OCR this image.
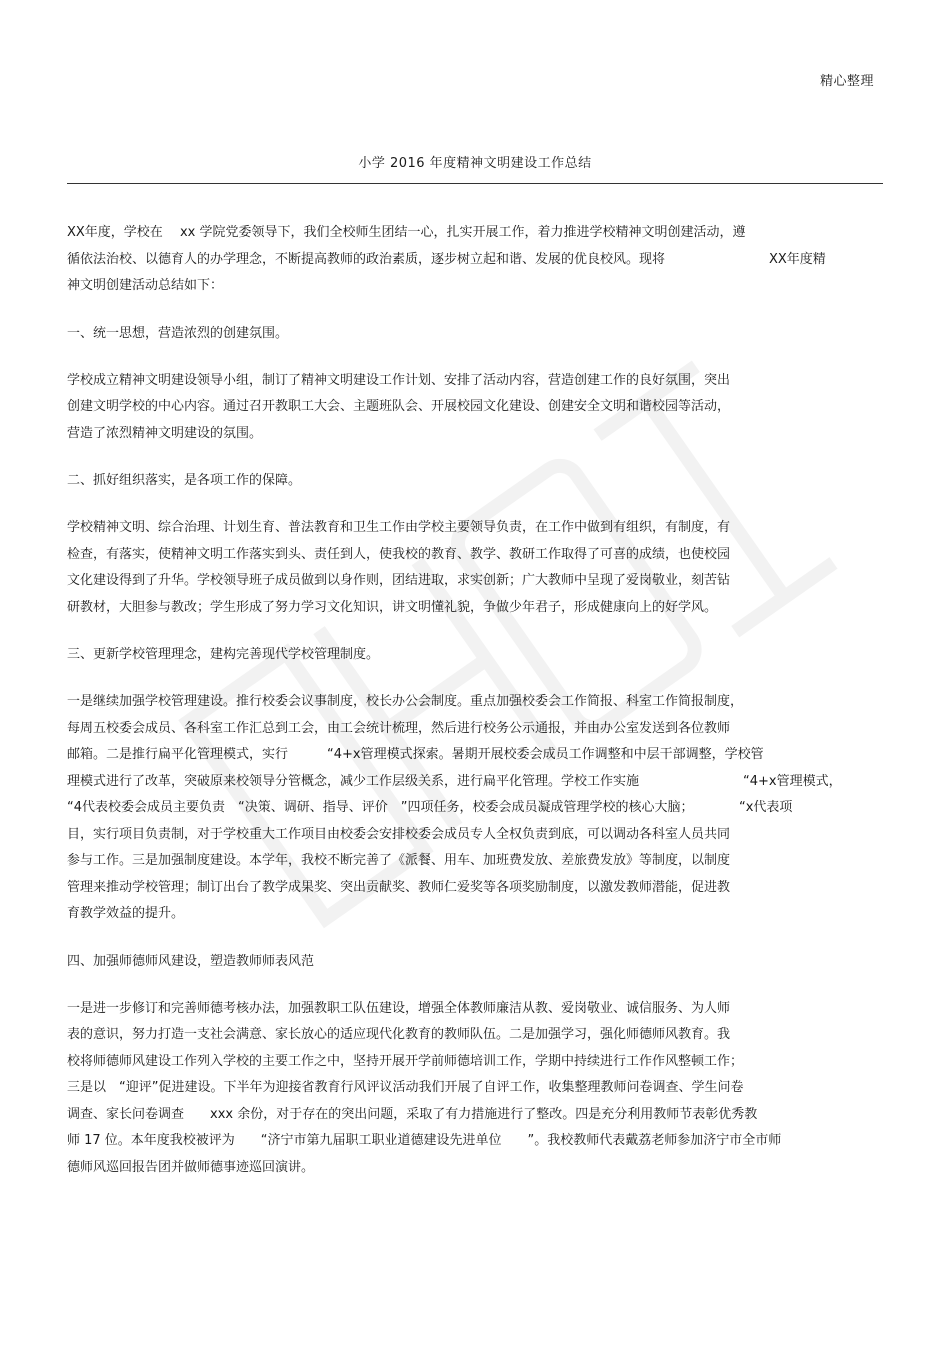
精心整理
小学 2016 年度精神文明建设工作总结
XX年度，学校在　 xx 学院党委领导下，我们全校师生团结一心，扎实开展工作，着力推进学校精神文明创建活动，遵
循依法治校、以德育人的办学理念，不断提高教师的政治素质，逐步树立起和谐、发展的优良校风。现将　　　　　　　　XX年度精
神文明创建活动总结如下：
一、统一思想，营造浓烈的创建氛围。
学校成立精神文明建设领导小组，制订了精神文明建设工作计划、安排了活动内容，营造创建工作的良好氛围，突出
创建文明学校的中心内容。通过召开教职工大会、主题班队会、开展校园文化建设、创建安全文明和谐校园等活动，
营造了浓烈精神文明建设的氛围。
二、抓好组织落实，是各项工作的保障。
学校精神文明、综合治理、计划生育、普法教育和卫生工作由学校主要领导负责，在工作中做到有组织，有制度，有
检查，有落实，使精神文明工作落实到头、责任到人，使我校的教育、教学、教研工作取得了可喜的成绩，也使校园
文化建设得到了升华。学校领导班子成员做到以身作则，团结进取，求实创新；广大教师中呈现了爱岗敬业，刻苦钻
研教材，大胆参与教改；学生形成了努力学习文化知识，讲文明懂礼貌，争做少年君子，形成健康向上的好学风。
三、更新学校管理理念，建构完善现代学校管理制度。
一是继续加强学校管理建设。推行校委会议事制度，校长办公会制度。重点加强校委会工作简报、科室工作简报制度，
每周五校委会成员、各科室工作汇总到工会，由工会统计梳理，然后进行校务公示通报，并由办公室发送到各位教师
邮箱。二是推行扁平化管理模式，实行　　　“4+x管理模式探索。暑期开展校委会成员工作调整和中层干部调整，学校管
理模式进行了改革，突破原来校领导分管概念，减少工作层级关系，进行扁平化管理。学校工作实施　　　　　　　　“4+x管理模式，
“4代表校委会成员主要负责　“决策、调研、指导、评价　”四项任务，校委会成员凝成管理学校的核心大脑；　　　　“x代表项
目，实行项目负责制，对于学校重大工作项目由校委会安排校委会成员专人全权负责到底，可以调动各科室人员共同
参与工作。三是加强制度建设。本学年，我校不断完善了《派餐、用车、加班费发放、差旅费发放》等制度，以制度
管理来推动学校管理；制订出台了教学成果奖、突出贡献奖、教师仁爱奖等各项奖励制度，以激发教师潜能，促进教
育教学效益的提升。
四、加强师德师风建设，塑造教师师表风范
一是进一步修订和完善师德考核办法，加强教职工队伍建设，增强全体教师廉洁从教、爱岗敬业、诚信服务、为人师
表的意识，努力打造一支社会满意、家长放心的适应现代化教育的教师队伍。二是加强学习，强化师德师风教育。我
校将师德师风建设工作列入学校的主要工作之中，坚持开展开学前师德培训工作，学期中持续进行工作作风整顿工作；
三是以　“迎评”促进建设。下半年为迎接省教育行风评议活动我们开展了自评工作，收集整理教师问卷调查、学生问卷
调查、家长问卷调查　　xxx 余份，对于存在的突出问题，采取了有力措施进行了整改。四是充分利用教师节表彰优秀教
师 17 位。本年度我校被评为　　“济宁市第九届职工职业道德建设先进单位　　”。我校教师代表戴荔老师参加济宁市全市师
德师风巡回报告团并做师德事迹巡回演讲。
